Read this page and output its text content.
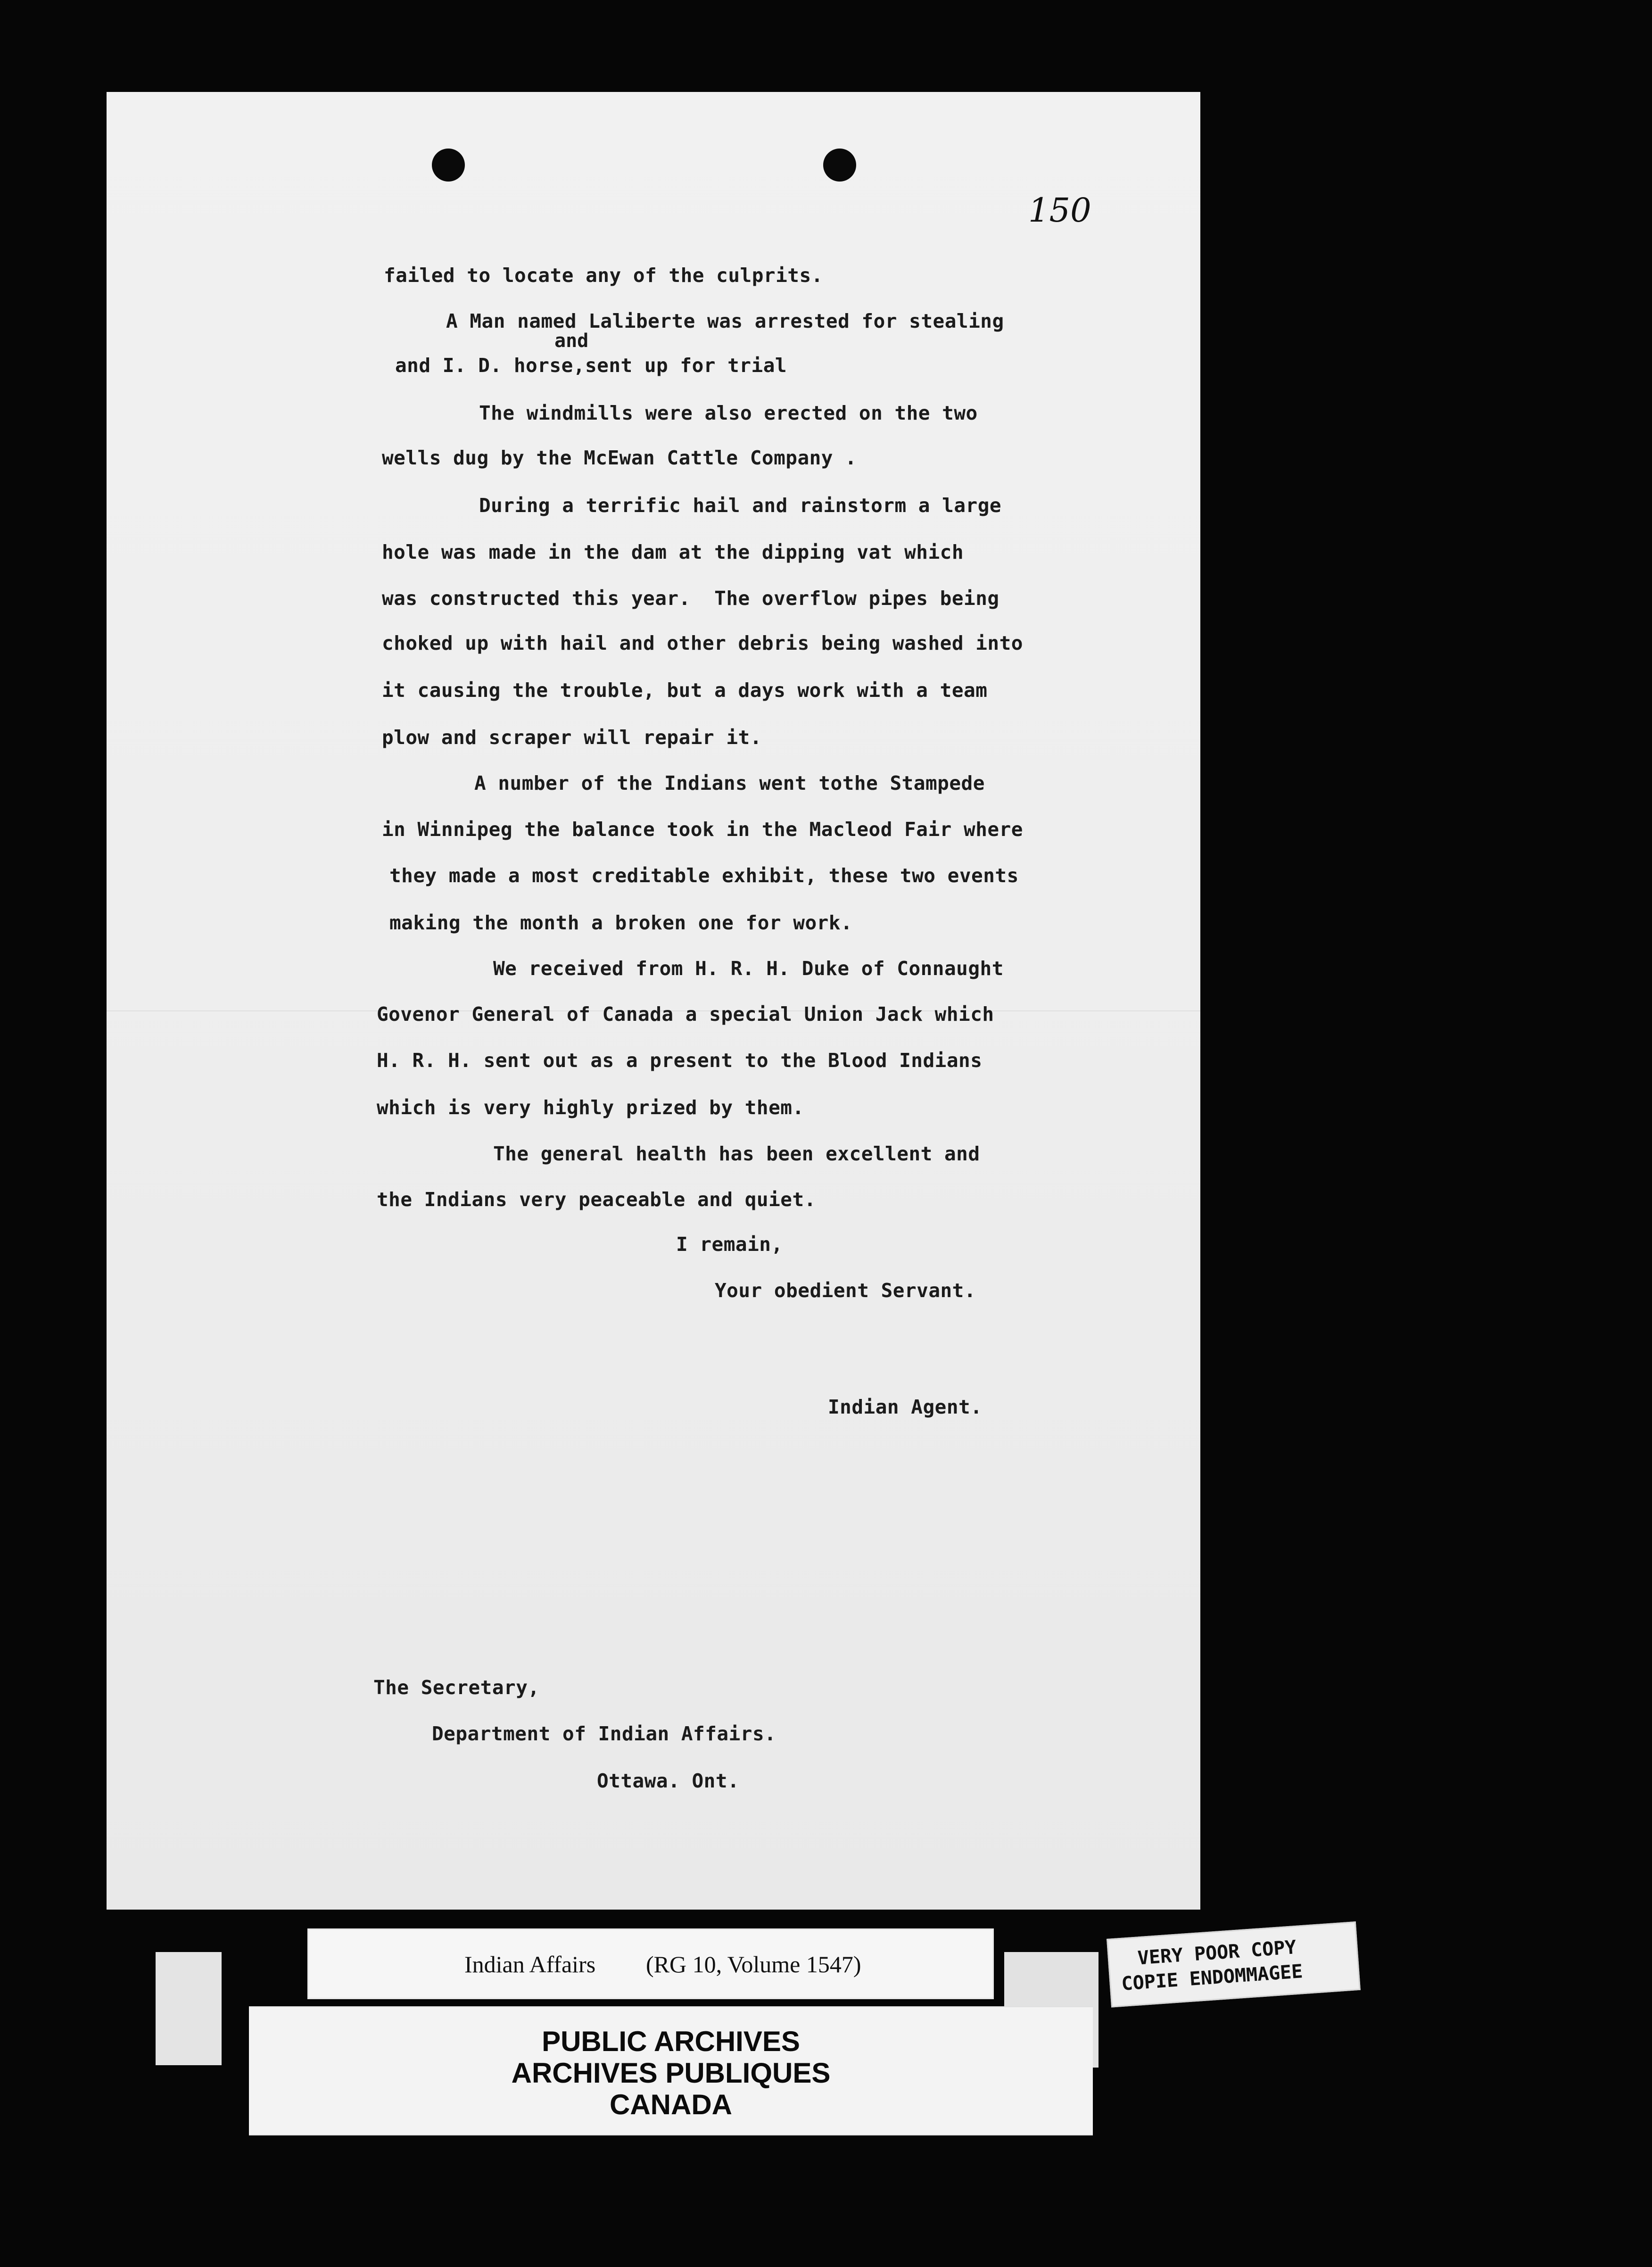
150
failed to locate any of the culprits.
A Man named Laliberte was arrested for stealing
and
and I. D. horse,sent up for trial
The windmills were also erected on the two
wells dug by the McEwan Cattle Company .
During a terrific hail and rainstorm a large
hole was made in the dam at the dipping vat which
was constructed this year.  The overflow pipes being
choked up with hail and other debris being washed into
it causing the trouble, but a days work with a team
plow and scraper will repair it.
A number of the Indians went tothe Stampede
in Winnipeg the balance took in the Macleod Fair where
they made a most creditable exhibit, these two events
making the month a broken one for work.
We received from H. R. H. Duke of Connaught
Govenor General of Canada a special Union Jack which
H. R. H. sent out as a present to the Blood Indians
which is very highly prized by them.
The general health has been excellent and
the Indians very peaceable and quiet.
I remain,
Your obedient Servant.
Indian Agent.
The Secretary,
Department of Indian Affairs.
Ottawa. Ont.
Indian Affairs (RG 10, Volume 1547)
PUBLIC ARCHIVES
ARCHIVES PUBLIQUES
CANADA
VERY POOR COPY
COPIE ENDOMMAGEE
